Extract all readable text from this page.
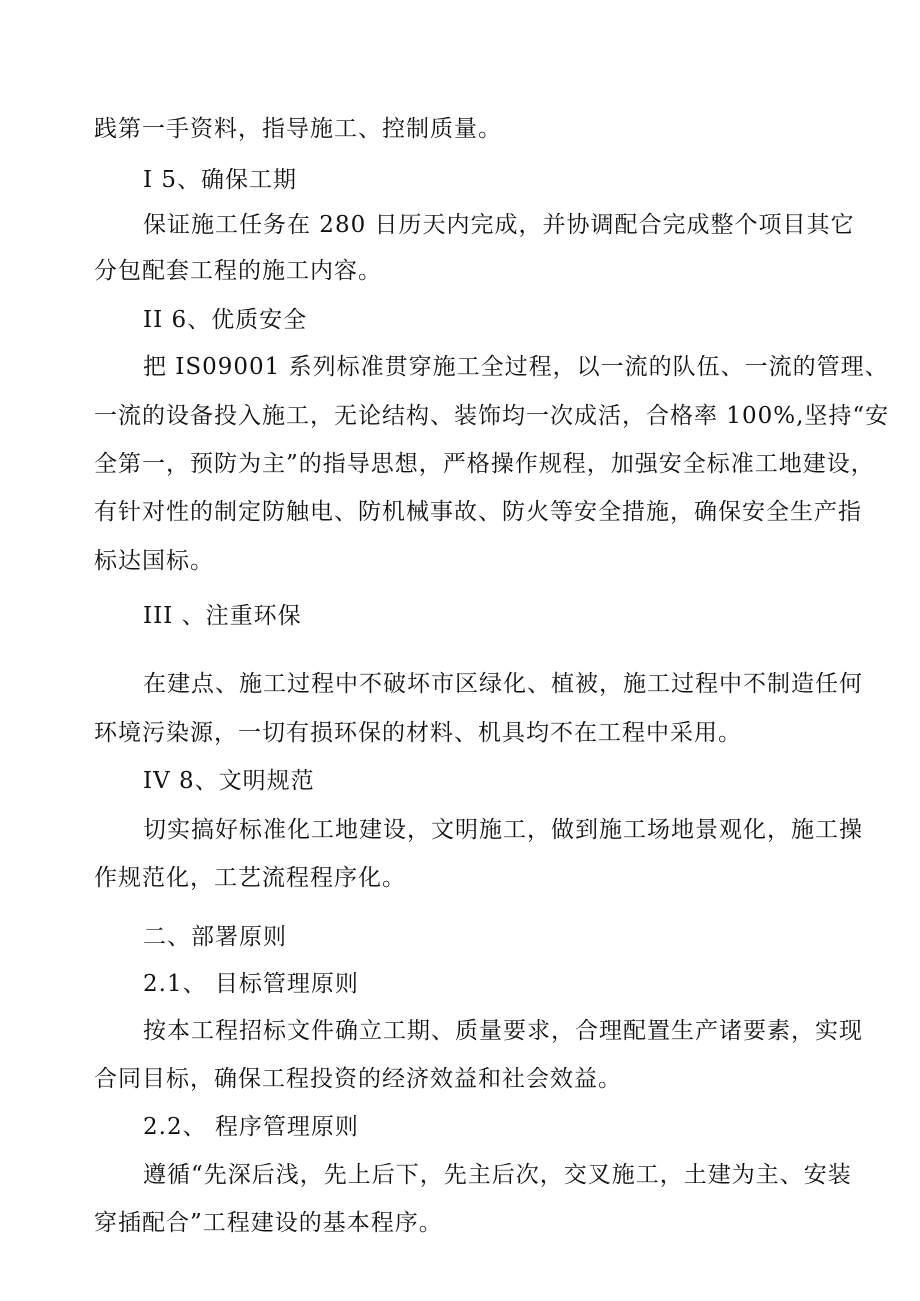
践第一手资料，指导施工、控制质量。
I 5、确保工期
保证施工任务在 280 日历天内完成，并协调配合完成整个项目其它
分包配套工程的施工内容。
II 6、优质安全
把 IS09001 系列标准贯穿施工全过程，以一流的队伍、一流的管理、
一流的设备投入施工，无论结构、装饰均一次成活，合格率 100%,坚持“安
全第一，预防为主”的指导思想，严格操作规程，加强安全标准工地建设，
有针对性的制定防触电、防机械事故、防火等安全措施，确保安全生产指
标达国标。
III 、注重环保
在建点、施工过程中不破坏市区绿化、植被，施工过程中不制造任何
环境污染源，一切有损环保的材料、机具均不在工程中采用。
IV 8、文明规范
切实搞好标准化工地建设，文明施工，做到施工场地景观化，施工操
作规范化，工艺流程程序化。
二、部署原则
2.1、 目标管理原则
按本工程招标文件确立工期、质量要求，合理配置生产诸要素，实现
合同目标，确保工程投资的经济效益和社会效益。
2.2、 程序管理原则
遵循“先深后浅，先上后下，先主后次，交叉施工，土建为主、安装
穿插配合”工程建设的基本程序。
